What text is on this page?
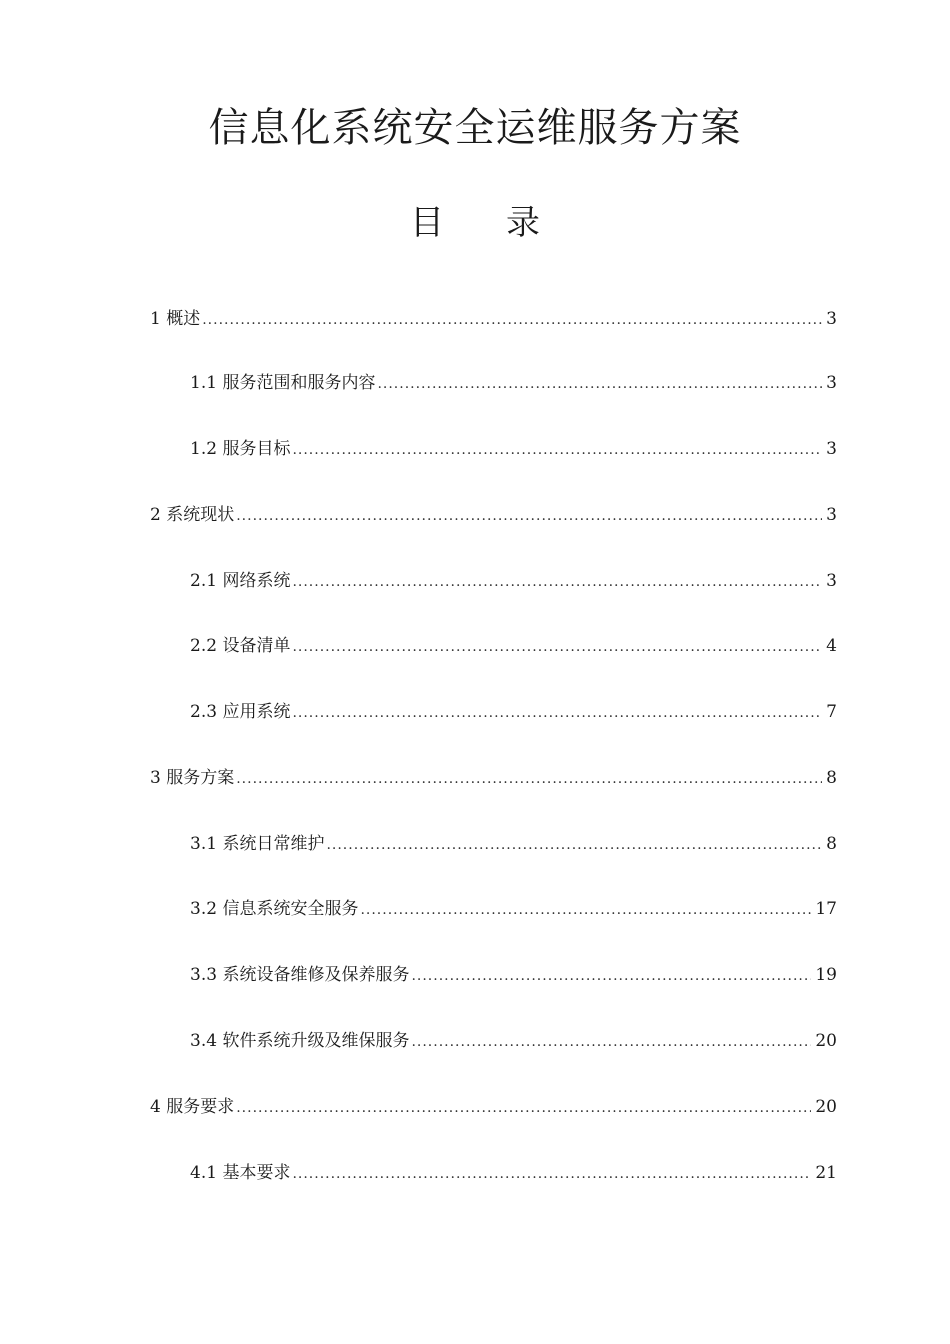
信息化系统安全运维服务方案
目 录
1 概述 .....	3
1.1 服务范围和服务内容 .....	3
1.2 服务目标 .....	3
2 系统现状 .....	3
2.1 网络系统 .....	3
2.2 设备清单 .....	4
2.3 应用系统 .....	7
3 服务方案 .....	8
3.1 系统日常维护 .....	8
3.2 信息系统安全服务 .....	17
3.3 系统设备维修及保养服务 .....	19
3.4 软件系统升级及维保服务 .....	20
4 服务要求 .....	20
4.1 基本要求 .....	21
